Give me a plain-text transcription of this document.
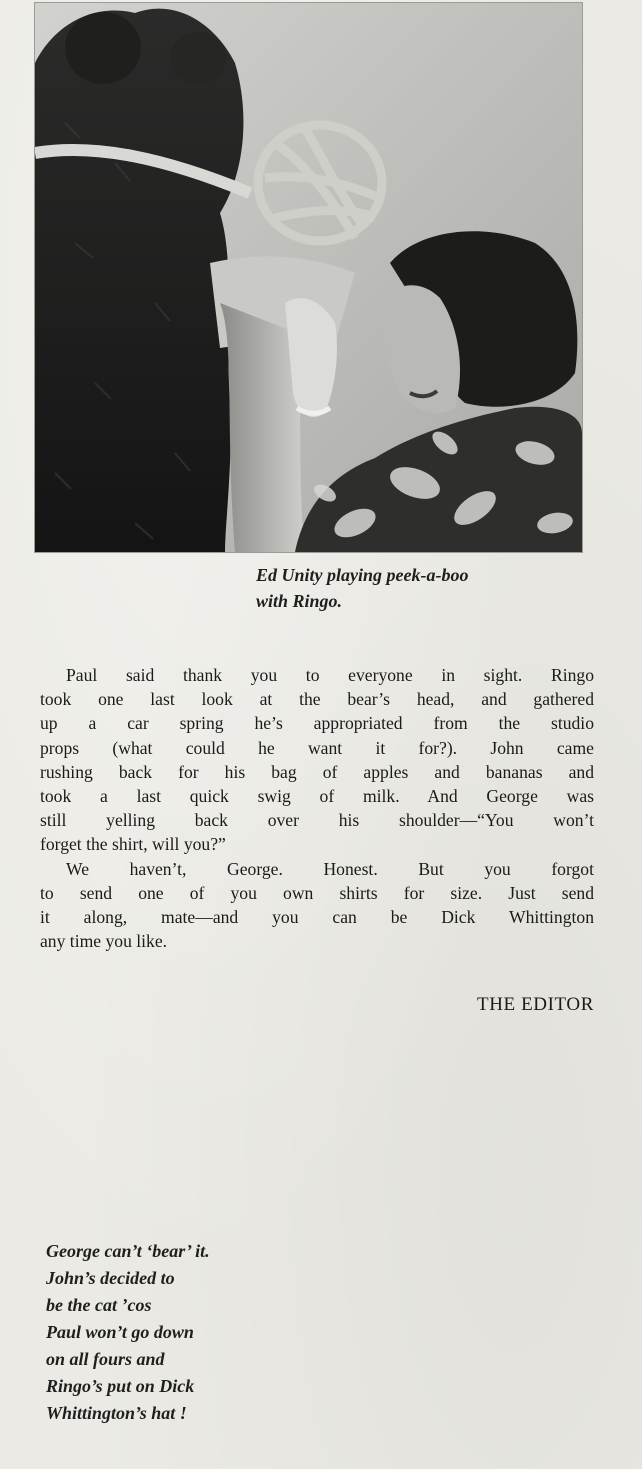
Ed Unity playing peek-a-boo
with Ringo.
Paul said thank you to everyone in sight. Ringo
took one last look at the bear’s head, and gathered
up a car spring he’s appropriated from the studio
props (what could he want it for?). John came
rushing back for his bag of apples and bananas and
took a last quick swig of milk. And George was
still yelling back over his shoulder—“You won’t
forget the shirt, will you?”
We haven’t, George. Honest. But you forgot
to send one of you own shirts for size. Just send
it along, mate—and you can be Dick Whittington
any time you like.
THE EDITOR
George can’t ‘bear’ it.
John’s decided to
be the cat ’cos
Paul won’t go down
on all fours and
Ringo’s put on Dick
Whittington’s hat !
